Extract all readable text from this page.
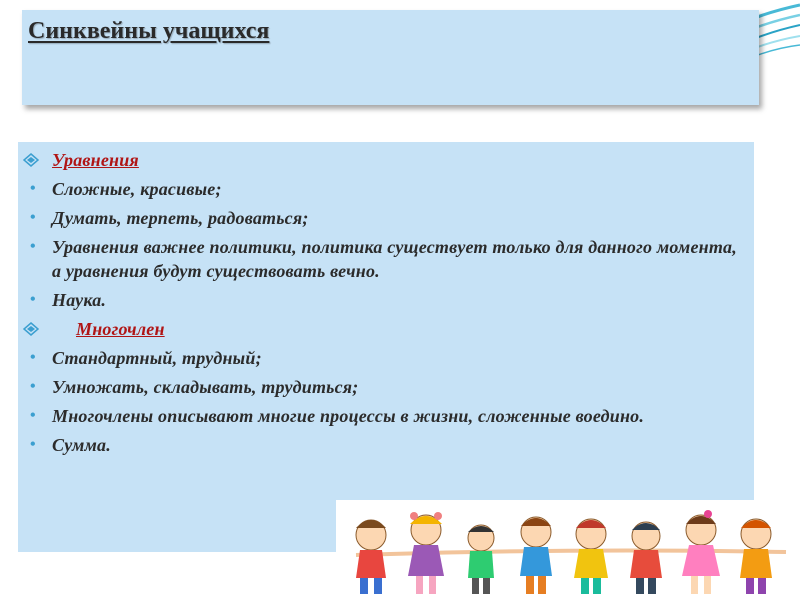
Синквейны учащихся
Уравнения
• Сложные, красивые;
• Думать, терпеть, радоваться;
• Уравнения важнее политики, политика существует только для данного момента, а уравнения будут существовать вечно.
• Наука.
Многочлен
• Стандартный, трудный;
• Умножать, складывать, трудиться;
• Многочлены описывают многие процессы в жизни, сложенные воедино.
• Сумма.
